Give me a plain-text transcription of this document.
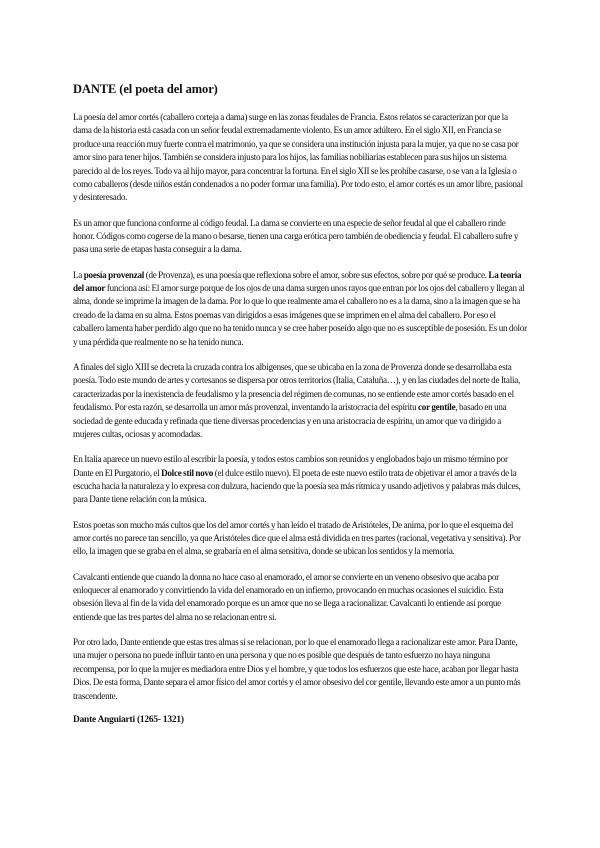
DANTE (el poeta del amor)

La poesía del amor cortés (caballero corteja a dama) surge en las zonas feudales de Francia. Estos relatos se caracterizan por que la dama de la historia está casada con un señor feudal extremadamente violento. Es un amor adúltero. En el siglo XII, en Francia se produce una reacción muy fuerte contra el matrimonio, ya que se considera una institución injusta para la mujer, ya que no se casa por amor sino para tener hijos. También se considera injusto para los hijos, las familias nobiliarias establecen para sus hijos un sistema parecido al de los reyes. Todo va al hijo mayor, para concentrar la fortuna. En el siglo XII se les prohibe casarse, o se van a la Iglesia o como caballeros (desde niños están condenados a no poder formar una familia). Por todo esto, el amor cortés es un amor libre, pasional y desinteresado.

Es un amor que funciona conforme al código feudal. La dama se convierte en una especie de señor feudal al que el caballero rinde honor. Códigos como cogerse de la mano o besarse, tienen una carga erótica pero también de obediencia y feudal. El caballero sufre y pasa una serie de etapas hasta conseguir a la dama.

La poesía provenzal (de Provenza), es una poesía que reflexiona sobre el amor, sobre sus efectos, sobre por qué se produce. La teoría del amor funciona así: El amor surge porque de los ojos de una dama surgen unos rayos que entran por los ojos del caballero y llegan al alma, donde se imprime la imagen de la dama. Por lo que lo que realmente ama el caballero no es a la dama, sino a la imagen que se ha creado de la dama en su alma. Estos poemas van dirigidos a esas imágenes que se imprimen en el alma del caballero. Por eso el caballero lamenta haber perdido algo que no ha tenido nunca y se cree haber poseído algo que no es susceptible de posesión. Es un dolor y una pérdida que realmente no se ha tenido nunca.

A finales del siglo XIII se decreta la cruzada contra los albigenses, que se ubicaba en la zona de Provenza donde se desarrollaba esta poesía. Todo este mundo de artes y cortesanos se dispersa por otros territorios (Italia, Cataluña…), y en las ciudades del norte de Italia, caracterizadas por la inexistencia de feudalismo y la presencia del régimen de comunas, no se entiende este amor cortés basado en el feudalismo. Por esta razón, se desarrolla un amor más provenzal, inventando la aristocracia del espíritu cor gentile, basado en una sociedad de gente educada y refinada que tiene diversas procedencias y en una aristocracia de espíritu, un amor que va dirigido a mujeres cultas, ociosas y acomodadas.

En Italia aparece un nuevo estilo al escribir la poesía, y todos estos cambios son reunidos y englobados bajo un mismo término por Dante en El Purgatorio, el Dolce stil novo (el dulce estilo nuevo). El poeta de este nuevo estilo trata de objetivar el amor a través de la escucha hacia la naturaleza y lo expresa con dulzura, haciendo que la poesía sea más rítmica y usando adjetivos y palabras más dulces, para Dante tiene relación con la música.

Estos poetas son mucho más cultos que los del amor cortés y han leído el tratado de Aristóteles, De anima, por lo que el esquema del amor cortés no parece tan sencillo, ya que Aristóteles dice que el alma está dividida en tres partes (racional, vegetativa y sensitiva). Por ello, la imagen que se graba en el alma, se grabaría en el alma sensitiva, donde se ubican los sentidos y la memoria.

Cavalcanti entiende que cuando la donna no hace caso al enamorado, el amor se convierte en un veneno obsesivo que acaba por enloquecer al enamorado y convirtiendo la vida del enamorado en un infierno, provocando en muchas ocasiones el suicidio. Esta obsesión lleva al fin de la vida del enamorado porque es un amor que no se llega a racionalizar. Cavalcanti lo entiende así porque entiende que las tres partes del alma no se relacionan entre sí.

Por otro lado, Dante entiende que estas tres almas sí se relacionan, por lo que el enamorado llega a racionalizar este amor. Para Dante, una mujer o persona no puede influir tanto en una persona y que no es posible que después de tanto esfuerzo no haya ninguna recompensa, por lo que la mujer es mediadora entre Dios y el hombre, y que todos los esfuerzos que este hace, acaban por llegar hasta Dios. De esta forma, Dante separa el amor físico del amor cortés y el amor obsesivo del cor gentile, llevando este amor a un punto más trascendente.

Dante Anguiarti (1265- 1321)
